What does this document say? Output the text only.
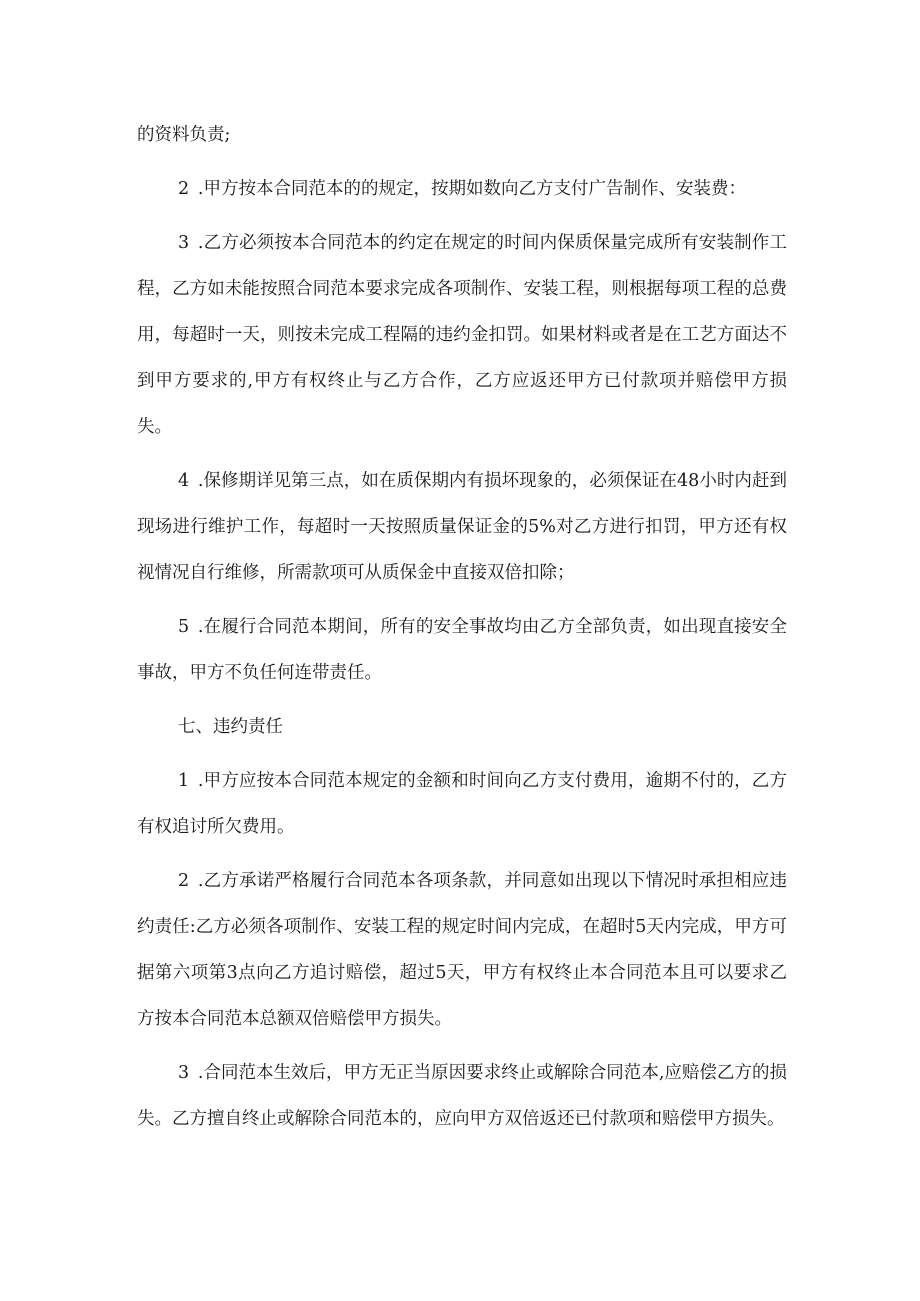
的资料负责;

2 .甲方按本合同范本的的规定，按期如数向乙方支付广告制作、安装费：

3 .乙方必须按本合同范本的约定在规定的时间内保质保量完成所有安装制作工程，乙方如未能按照合同范本要求完成各项制作、安装工程，则根据每项工程的总费用，每超时一天，则按未完成工程隔的违约金扣罚。如果材料或者是在工艺方面达不到甲方要求的,甲方有权终止与乙方合作，乙方应返还甲方已付款项并赔偿甲方损失。

4 .保修期详见第三点，如在质保期内有损坏现象的，必须保证在48小时内赶到现场进行维护工作，每超时一天按照质量保证金的5%对乙方进行扣罚，甲方还有权视情况自行维修，所需款项可从质保金中直接双倍扣除；

5 .在履行合同范本期间，所有的安全事故均由乙方全部负责，如出现直接安全事故，甲方不负任何连带责任。

七、违约责任

1 .甲方应按本合同范本规定的金额和时间向乙方支付费用，逾期不付的，乙方有权追讨所欠费用。

2 .乙方承诺严格履行合同范本各项条款，并同意如出现以下情况时承担相应违约责任:乙方必须各项制作、安装工程的规定时间内完成，在超时5天内完成，甲方可据第六项第3点向乙方追讨赔偿，超过5天，甲方有权终止本合同范本且可以要求乙方按本合同范本总额双倍赔偿甲方损失。

3 .合同范本生效后，甲方无正当原因要求终止或解除合同范本,应赔偿乙方的损失。乙方擅自终止或解除合同范本的，应向甲方双倍返还已付款项和赔偿甲方损失。
